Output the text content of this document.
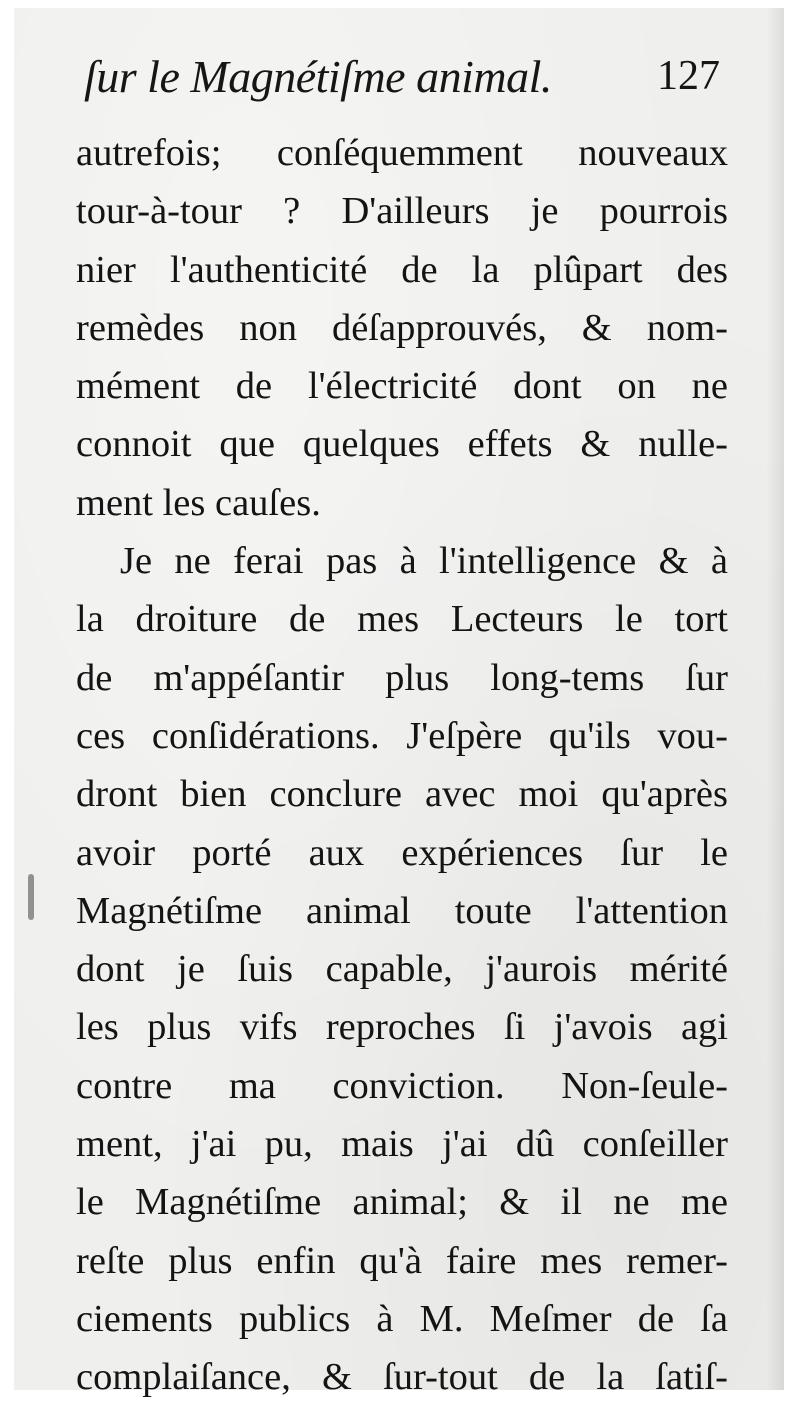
ſur le Magnétiſme animal.	127
autrefois; conſéquemment nouveaux
tour-à-tour ? D'ailleurs je pourrois
nier l'authenticité de la plûpart des
remèdes non déſapprouvés, & nom-
mément de l'électricité dont on ne
connoit que quelques effets & nulle-
ment les cauſes.
Je ne ferai pas à l'intelligence & à
la droiture de mes Lecteurs le tort
de m'appéſantir plus long-tems ſur
ces conſidérations. J'eſpère qu'ils vou-
dront bien conclure avec moi qu'après
avoir porté aux expériences ſur le
Magnétiſme animal toute l'attention
dont je ſuis capable, j'aurois mérité
les plus vifs reproches ſi j'avois agi
contre ma conviction. Non-ſeule-
ment, j'ai pu, mais j'ai dû conſeiller
le Magnétiſme animal; & il ne me
reſte plus enfin qu'à faire mes remer-
ciements publics à M. Meſmer de ſa
complaiſance, & ſur-tout de la ſatiſ-
